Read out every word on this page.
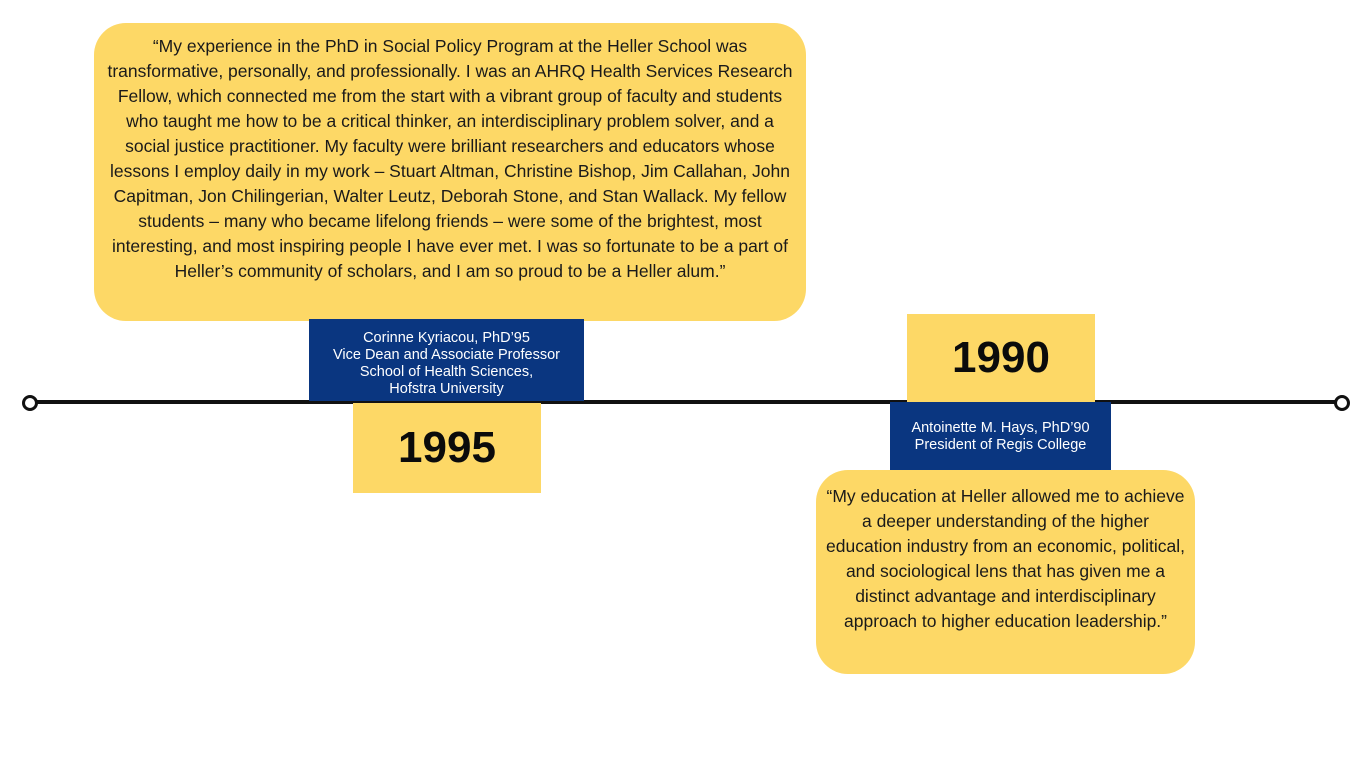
“My experience in the PhD in Social Policy Program at the Heller School was transformative, personally, and professionally. I was an AHRQ Health Services Research Fellow, which connected me from the start with a vibrant group of faculty and students who taught me how to be a critical thinker, an interdisciplinary problem solver, and a social justice practitioner. My faculty were brilliant researchers and educators whose lessons I employ daily in my work – Stuart Altman, Christine Bishop, Jim Callahan, John Capitman, Jon Chilingerian, Walter Leutz, Deborah Stone, and Stan Wallack. My fellow students – many who became lifelong friends – were some of the brightest, most interesting, and most inspiring people I have ever met. I was so fortunate to be a part of Heller’s community of scholars, and I am so proud to be a Heller alum.”
Corinne Kyriacou, PhD’95
Vice Dean and Associate Professor
School of Health Sciences,
Hofstra University
1995
1990
Antoinette M. Hays, PhD’90
President of Regis College
“My education at Heller allowed me to achieve a deeper understanding of the higher education industry from an economic, political, and sociological lens that has given me a distinct advantage and interdisciplinary approach to higher education leadership.”
